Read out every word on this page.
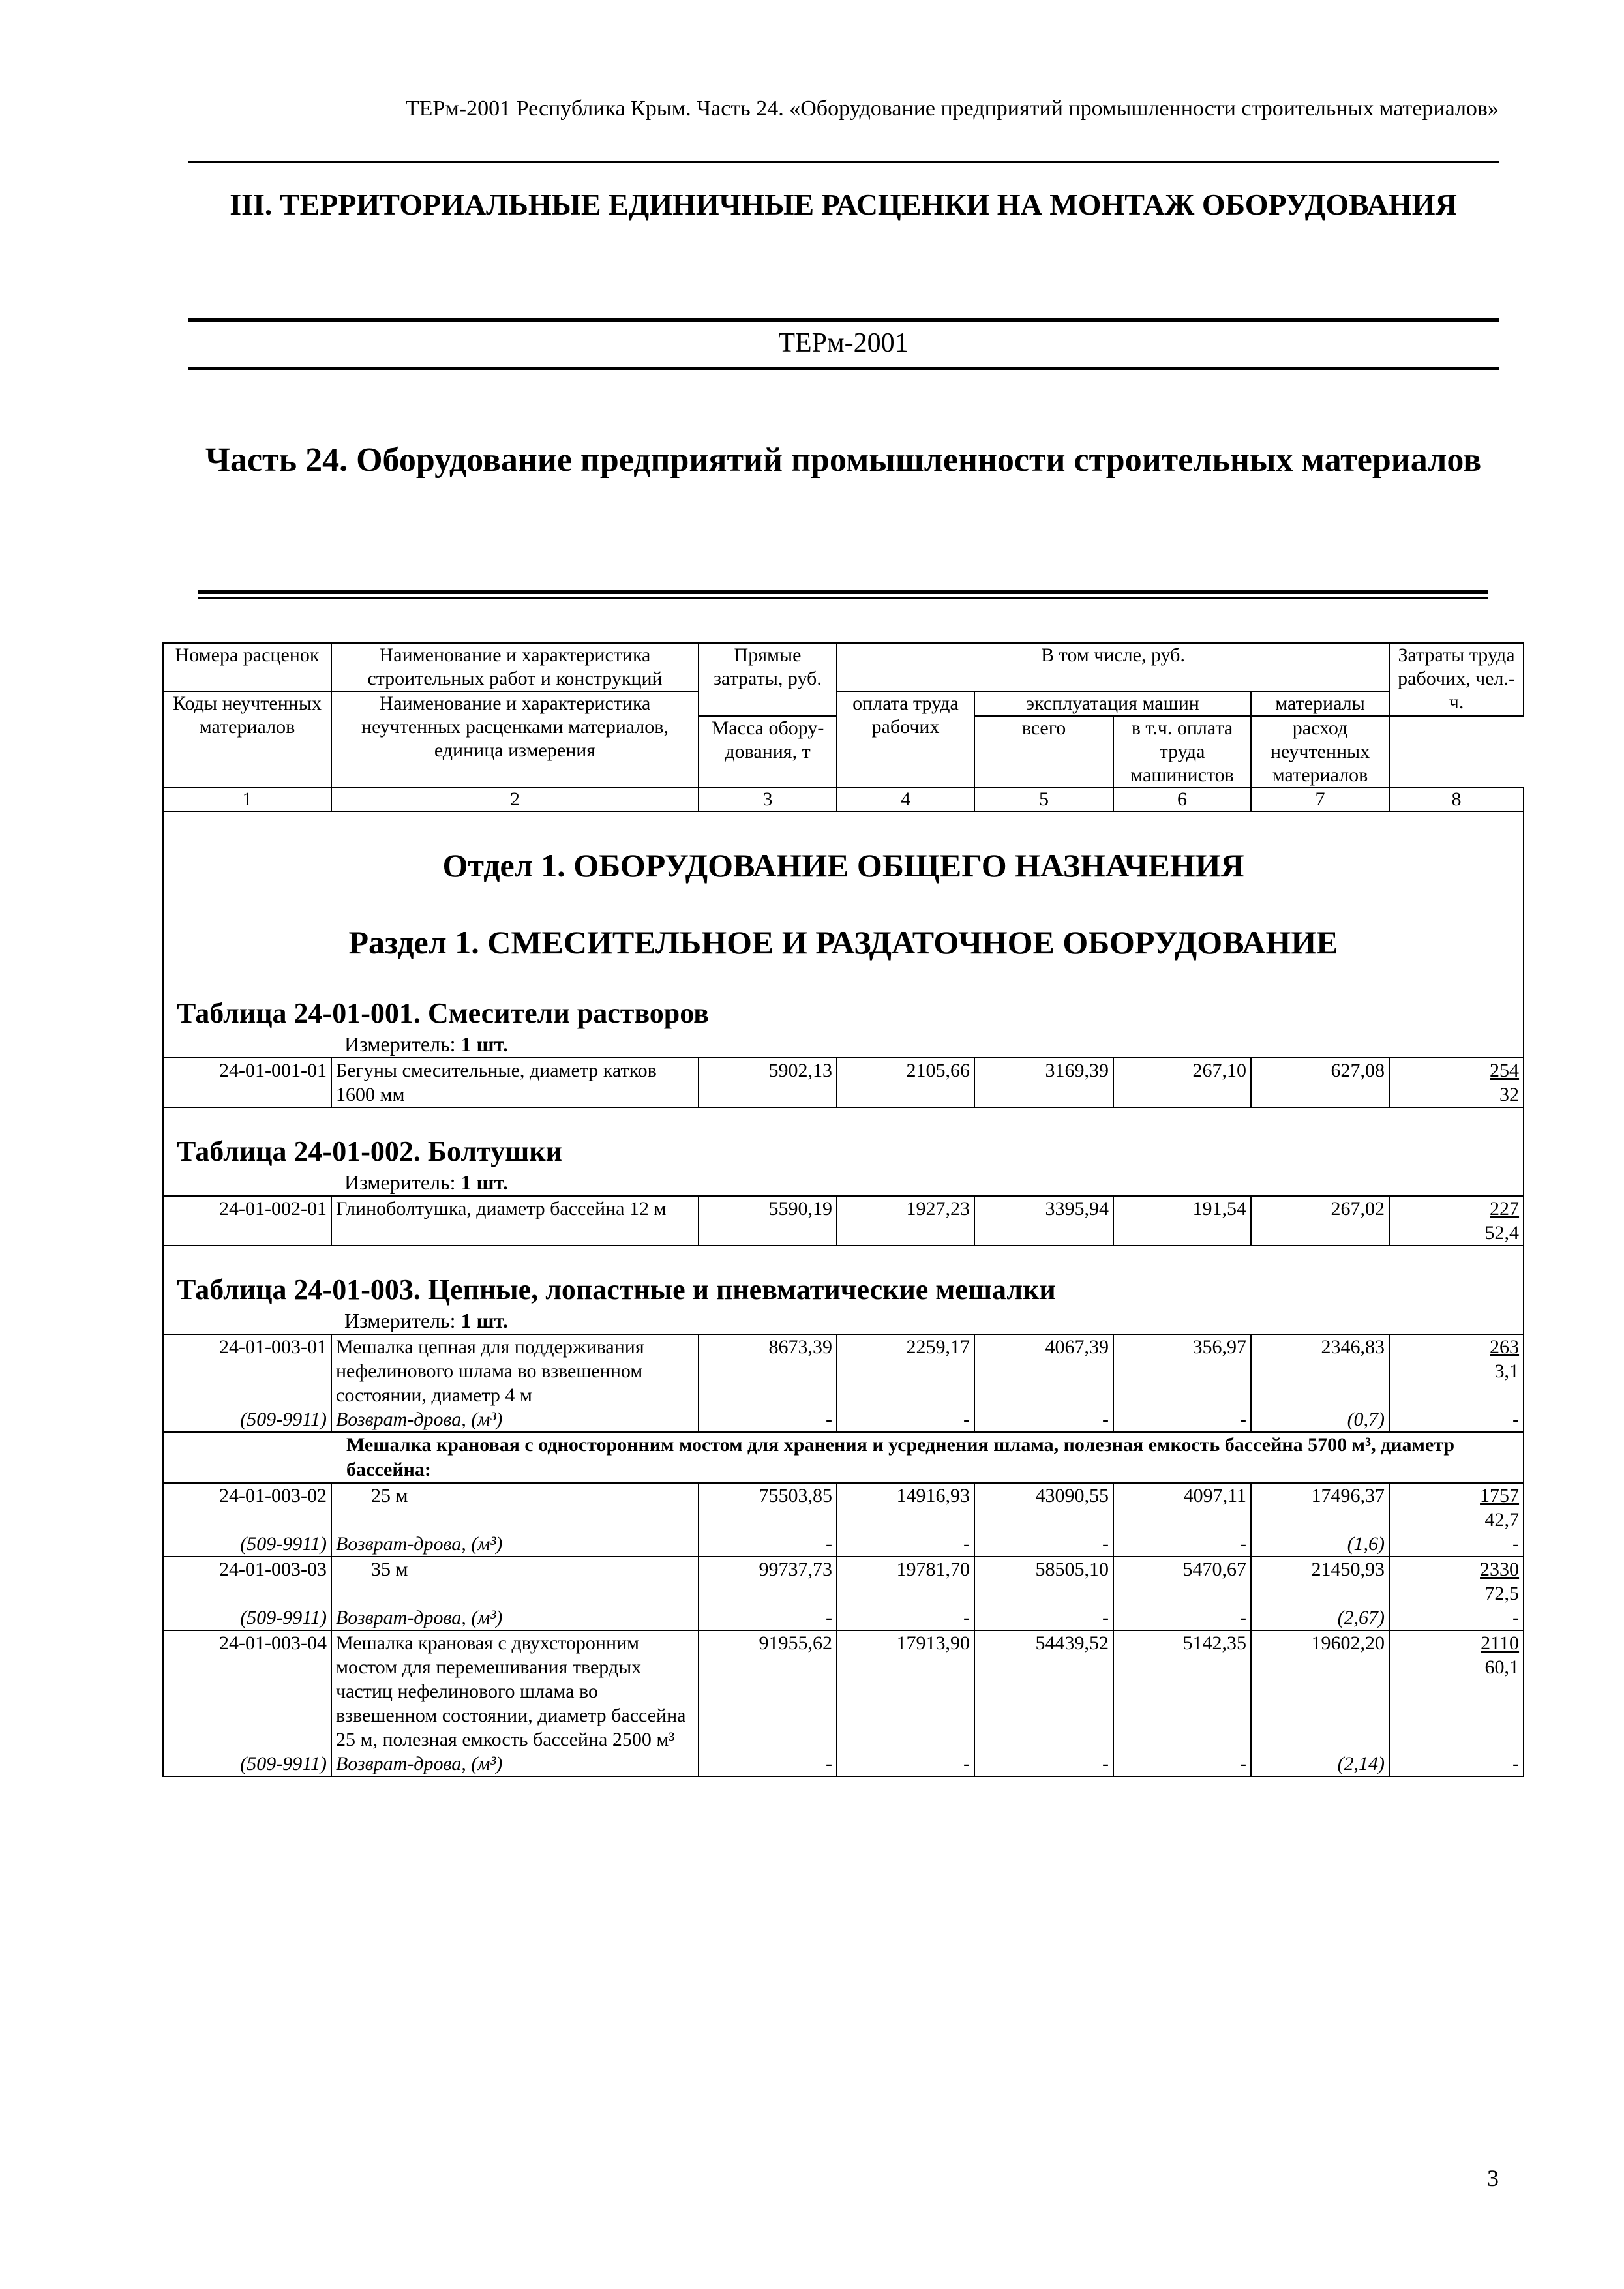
ТЕРм-2001 Республика Крым. Часть 24. «Оборудование предприятий промышленности строительных материалов»
III. ТЕРРИТОРИАЛЬНЫЕ ЕДИНИЧНЫЕ РАСЦЕНКИ НА МОНТАЖ ОБОРУДОВАНИЯ
ТЕРм-2001
Часть 24. Оборудование предприятий промышленности строительных материалов
Номера расценок	Наименование и характеристика строительных работ и конструкций	Прямые затраты, руб.	В том числе, руб.				Затраты труда рабочих, чел.-ч.
Коды неучтенных материалов	Наименование и характеристика неучтенных расценками материалов, единица измерения		оплата труда рабочих	эксплуатация машин		материалы	
				всего	в т.ч. оплата труда машинистов	расход неучтенных материалов	
		Масса обору-дования, т					
1	2	3	4	5	6	7	8
Отдел 1. ОБОРУДОВАНИЕ ОБЩЕГО НАЗНАЧЕНИЯ							
Раздел 1. СМЕСИТЕЛЬНОЕ И РАЗДАТОЧНОЕ ОБОРУДОВАНИЕ							
Таблица 24-01-001. Смесители растворов							
Измеритель: 1 шт.							
24-01-001-01	Бегуны смесительные, диаметр катков 1600 мм	5902,13	2105,66	3169,39	267,10	627,08	254
32

Таблица 24-01-002. Болтушки							
Измеритель: 1 шт.							
24-01-002-01	Глиноболтушка, диаметр бассейна 12 м	5590,19	1927,23	3395,94	191,54	267,02	227
52,4

Таблица 24-01-003. Цепные, лопастные и пневматические мешалки							
Измеритель: 1 шт.							
24-01-003-01	Мешалка цепная для поддерживания нефелинового шлама во взвешенном состоянии, диаметр 4 м	8673,39	2259,17	4067,39	356,97	2346,83	263
3,1

(509-9911)	Возврат-дрова, (м³)	-	-	-	-	(0,7)	-
Мешалка крановая с односторонним мостом для хранения и усреднения шлама, полезная емкость бассейна 5700 м³, диаметр бассейна:							
24-01-003-02	25 м	75503,85	14916,93	43090,55	4097,11	17496,37	1757
42,7

(509-9911)	Возврат-дрова, (м³)	-	-	-	-	(1,6)	-
24-01-003-03	35 м	99737,73	19781,70	58505,10	5470,67	21450,93	2330
72,5

(509-9911)	Возврат-дрова, (м³)	-	-	-	-	(2,67)	-
24-01-003-04	Мешалка крановая с двухсторонним мостом для перемешивания твердых частиц нефелинового шлама во взвешенном состоянии, диаметр бассейна 25 м, полезная емкость бассейна 2500 м³	91955,62	17913,90	54439,52	5142,35	19602,20	2110
60,1

(509-9911)	Возврат-дрова, (м³)	-	-	-	-	(2,14)	-
3
